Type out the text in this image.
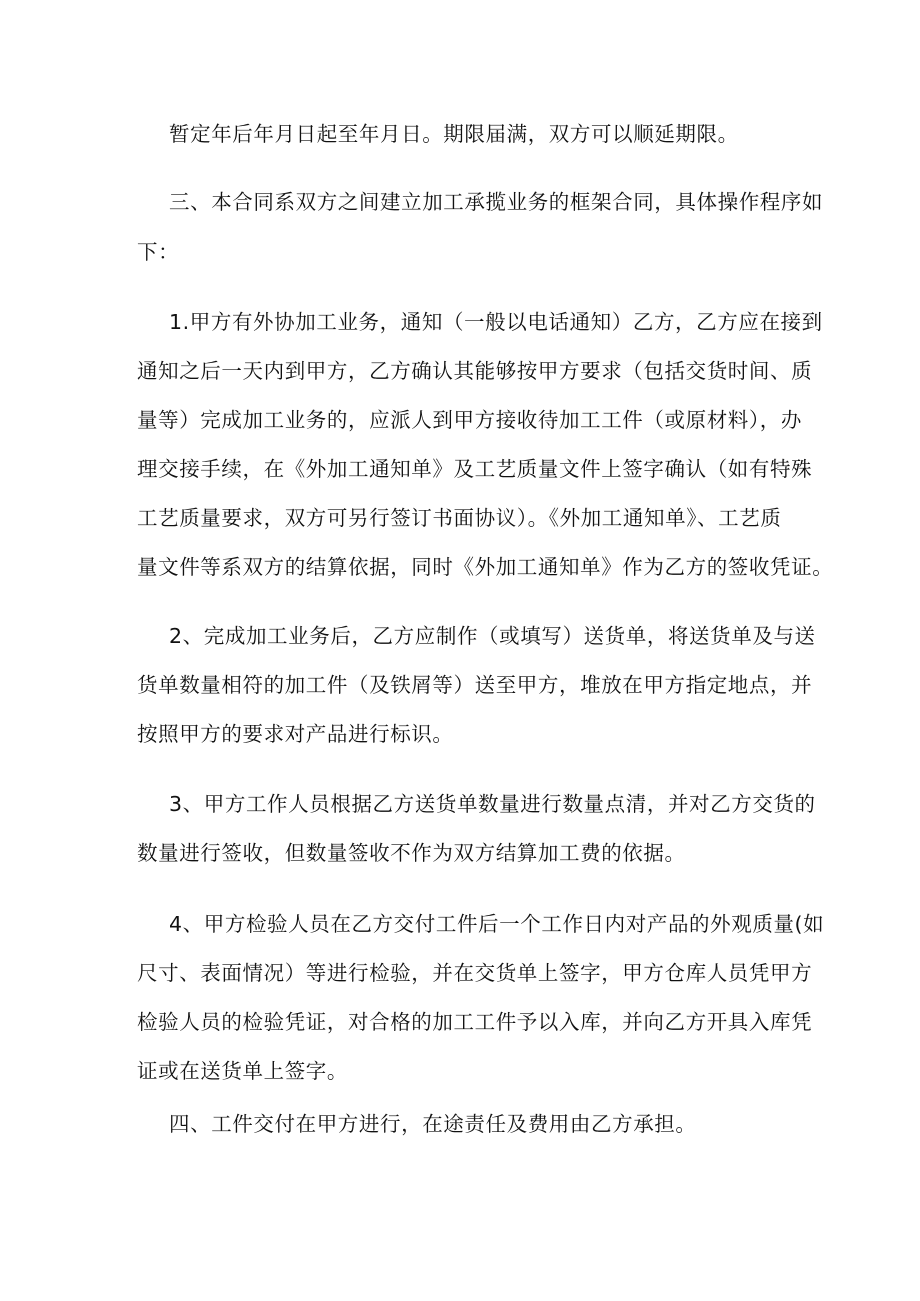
暂定年后年月日起至年月日。期限届满，双方可以顺延期限。
三、本合同系双方之间建立加工承揽业务的框架合同，具体操作程序如
下：
1.甲方有外协加工业务，通知（一般以电话通知）乙方，乙方应在接到
通知之后一天内到甲方，乙方确认其能够按甲方要求（包括交货时间、质
量等）完成加工业务的，应派人到甲方接收待加工工件（或原材料），办
理交接手续，在《外加工通知单》及工艺质量文件上签字确认（如有特殊
工艺质量要求，双方可另行签订书面协议）。《外加工通知单》、工艺质
量文件等系双方的结算依据，同时《外加工通知单》作为乙方的签收凭证。
2、完成加工业务后，乙方应制作（或填写）送货单，将送货单及与送
货单数量相符的加工件（及铁屑等）送至甲方，堆放在甲方指定地点，并
按照甲方的要求对产品进行标识。
3、甲方工作人员根据乙方送货单数量进行数量点清，并对乙方交货的
数量进行签收，但数量签收不作为双方结算加工费的依据。
4、甲方检验人员在乙方交付工件后一个工作日内对产品的外观质量(如
尺寸、表面情况）等进行检验，并在交货单上签字，甲方仓库人员凭甲方
检验人员的检验凭证，对合格的加工工件予以入库，并向乙方开具入库凭
证或在送货单上签字。
四、工件交付在甲方进行，在途责任及费用由乙方承担。
